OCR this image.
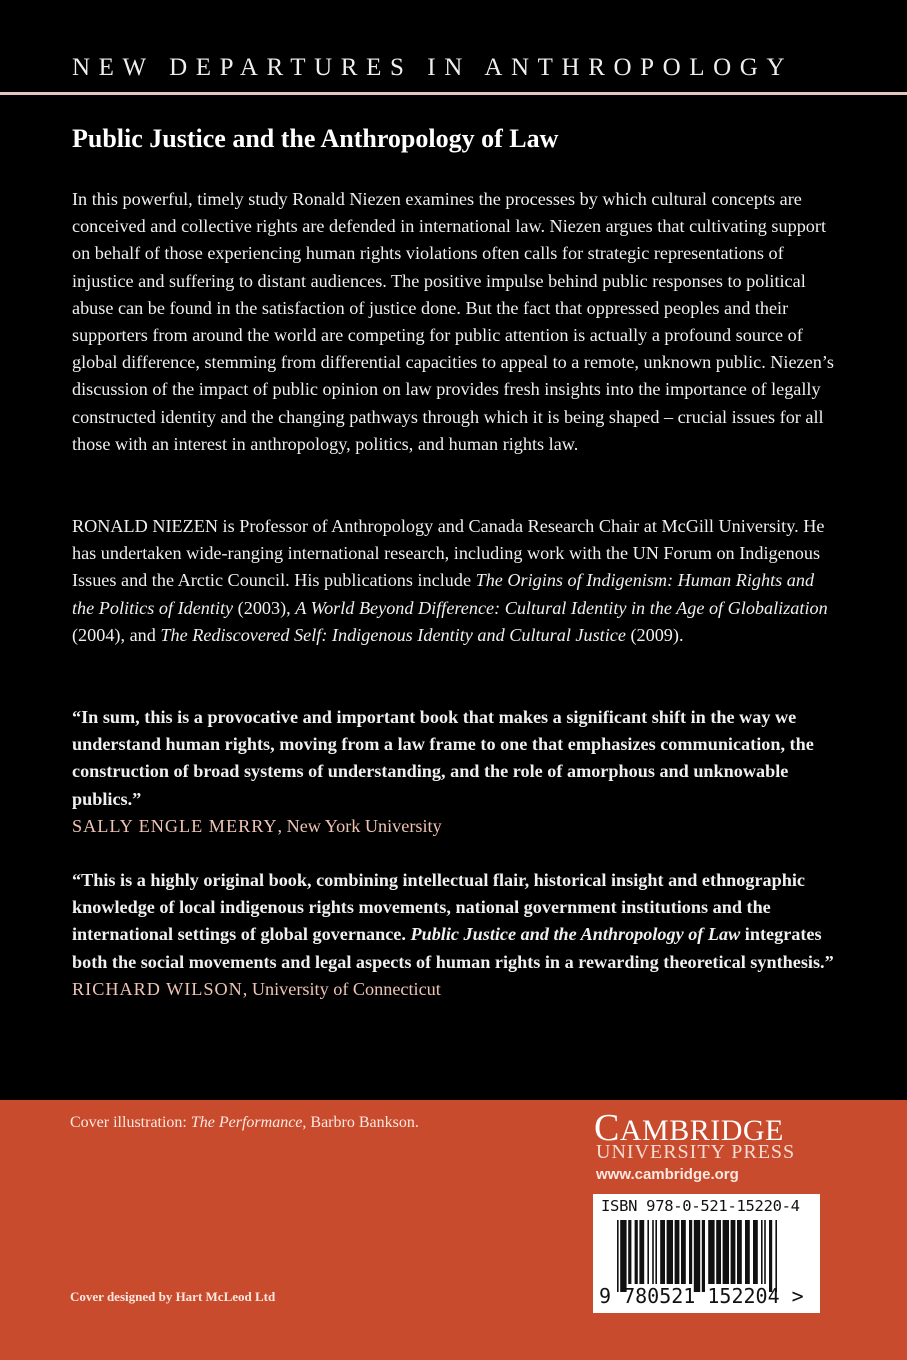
NEW DEPARTURES IN ANTHROPOLOGY
Public Justice and the Anthropology of Law
In this powerful, timely study Ronald Niezen examines the processes by which cultural concepts are conceived and collective rights are defended in international law. Niezen argues that cultivating support on behalf of those experiencing human rights violations often calls for strategic representations of injustice and suffering to distant audiences. The positive impulse behind public responses to political abuse can be found in the satisfaction of justice done. But the fact that oppressed peoples and their supporters from around the world are competing for public attention is actually a profound source of global difference, stemming from differential capacities to appeal to a remote, unknown public. Niezen’s discussion of the impact of public opinion on law provides fresh insights into the importance of legally constructed identity and the changing pathways through which it is being shaped – crucial issues for all those with an interest in anthropology, politics, and human rights law.
RONALD NIEZEN is Professor of Anthropology and Canada Research Chair at McGill University. He has undertaken wide-ranging international research, including work with the UN Forum on Indigenous Issues and the Arctic Council. His publications include The Origins of Indigenism: Human Rights and the Politics of Identity (2003), A World Beyond Difference: Cultural Identity in the Age of Globalization (2004), and The Rediscovered Self: Indigenous Identity and Cultural Justice (2009).
“In sum, this is a provocative and important book that makes a significant shift in the way we understand human rights, moving from a law frame to one that emphasizes communication, the construction of broad systems of understanding, and the role of amorphous and unknowable publics.”
SALLY ENGLE MERRY, New York University
“This is a highly original book, combining intellectual flair, historical insight and ethnographic knowledge of local indigenous rights movements, national government institutions and the international settings of global governance. Public Justice and the Anthropology of Law integrates both the social movements and legal aspects of human rights in a rewarding theoretical synthesis.”
RICHARD WILSON, University of Connecticut
Cover illustration: The Performance, Barbro Bankson.
Cover designed by Hart McLeod Ltd
CAMBRIDGE
UNIVERSITY PRESS
www.cambridge.org
ISBN 978-0-521-15220-4
9 780521 152204 >
